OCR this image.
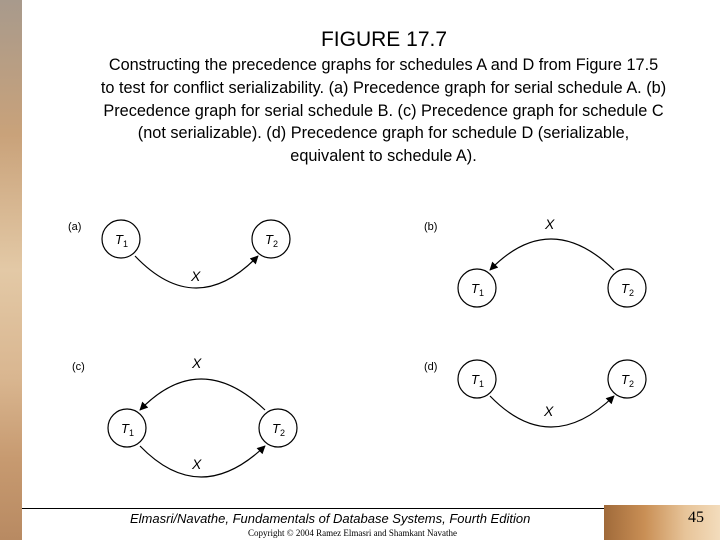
FIGURE 17.7
Constructing the precedence graphs for schedules A and D from Figure 17.5 to test for conflict serializability. (a) Precedence graph for serial schedule A. (b) Precedence graph for serial schedule B. (c) Precedence graph for schedule C (not serializable). (d) Precedence graph for schedule D (serializable, equivalent to schedule A).
(a)
$T_1$	$T_2$
X
(b)
$T_1$	$T_2$
X
(c)
$T_1$	$T_2$
X
X
(d)
$T_1$	$T_2$
X
Elmasri/Navathe, Fundamentals of Database Systems, Fourth Edition
Copyright © 2004 Ramez Elmasri and Shamkant Navathe
45
